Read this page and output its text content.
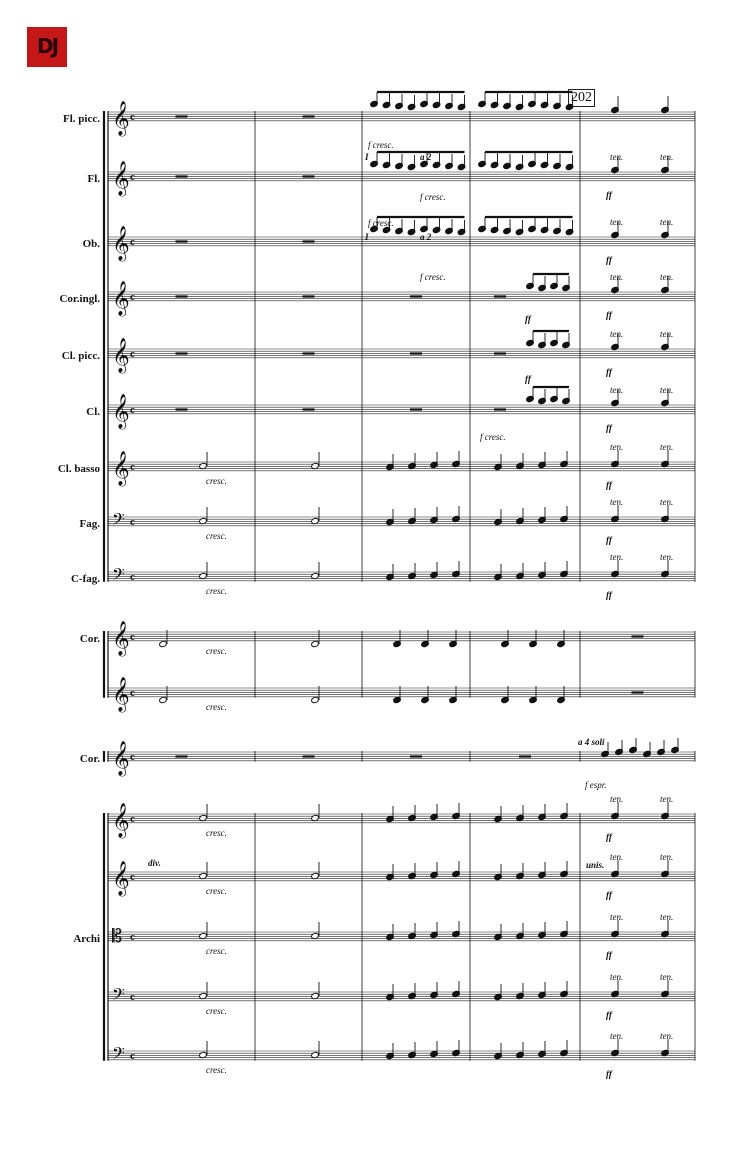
DJ
202
𝄞 c
Fl. picc.
𝄞 c
Fl.
𝄞 c
Ob.
𝄞 c
Cor.ingl.
𝄞 c
Cl. picc.
𝄞 c
Cl.
𝄞 c
Cl. basso
𝄢 c
Fag.
𝄢 c
C-fag.
𝄞 c
Cor.
𝄞 c
𝄞 c
Cor.
𝄞 c
𝄞 c
𝄡 c
Archi
𝄢 c
𝄢 c
cresc.
cresc.
cresc.
cresc.
cresc.
cresc.
cresc.
cresc.
cresc.
cresc.
f cresc.
f cresc.
f cresc.
f cresc.
I	a 2
I	a 2
f cresc.
ff
ff
ff
ff
ff
ff
ff
ff
ff
ff
ff
ff
ff
ff
ff
ten.	ten.
ten.	ten.
ten.	ten.
ten.	ten.
ten.	ten.
ten.	ten.
ten.	ten.
ten.	ten.
ten.	ten.
ten.	ten.
ten.	ten.
ten.	ten.
ten.	ten.
div.	unis.
a 4 soli
f espr.
